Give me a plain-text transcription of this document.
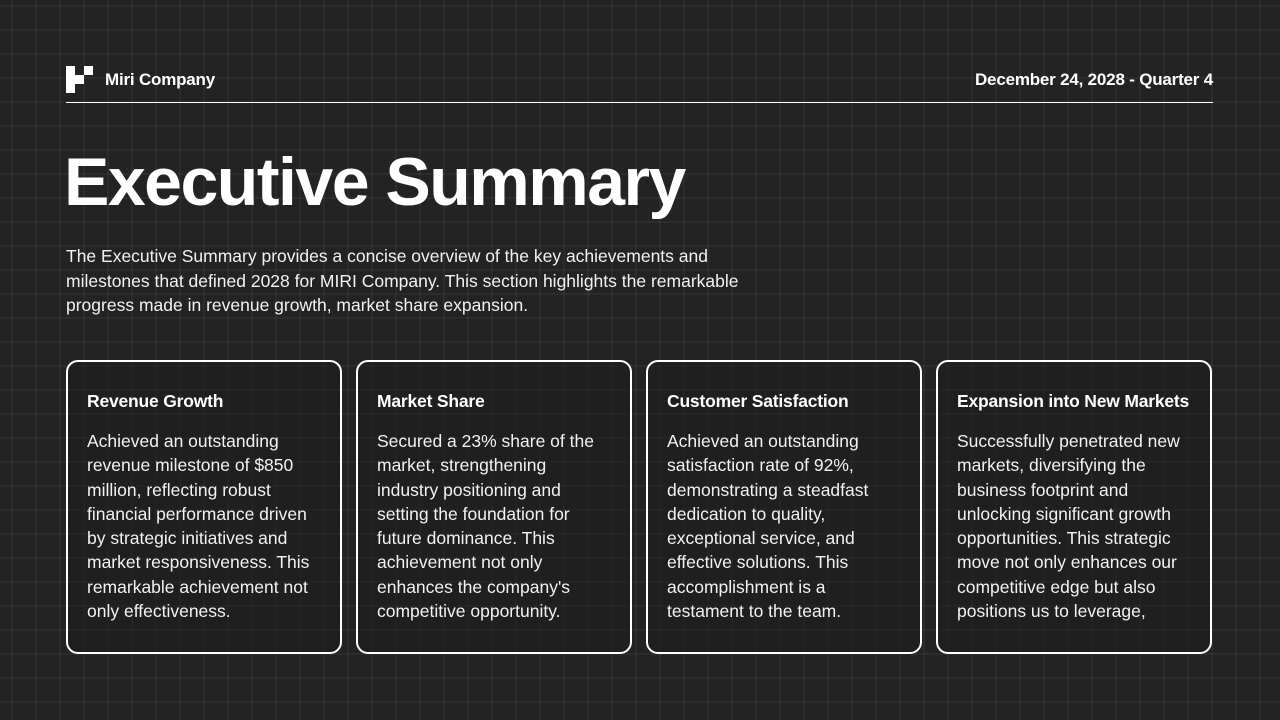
Miri Company	December 24, 2028 - Quarter 4
Executive Summary

The Executive Summary provides a concise overview of the key achievements and milestones that defined 2028 for MIRI Company. This section highlights the remarkable progress made in revenue growth, market share expansion.

Revenue Growth
Achieved an outstanding revenue milestone of $850 million, reflecting robust financial performance driven by strategic initiatives and market responsiveness. This remarkable achievement not only effectiveness.
Market Share
Secured a 23% share of the market, strengthening industry positioning and setting the foundation for future dominance. This achievement not only enhances the company's competitive opportunity.
Customer Satisfaction
Achieved an outstanding satisfaction rate of 92%, demonstrating a steadfast dedication to quality, exceptional service, and effective solutions. This accomplishment is a testament to the team.
Expansion into New Markets
Successfully penetrated new markets, diversifying the business footprint and unlocking significant growth opportunities. This strategic move not only enhances our competitive edge but also positions us to leverage,
